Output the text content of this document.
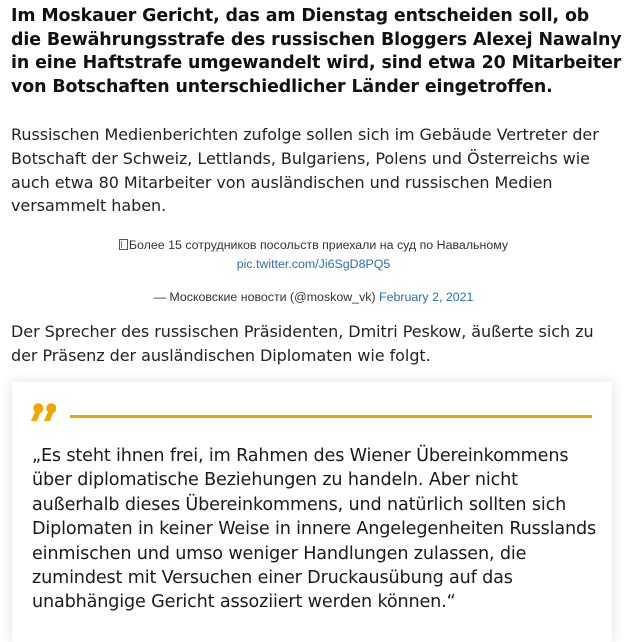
Im Moskauer Gericht, das am Dienstag entscheiden soll, ob die Bewährungsstrafe des russischen Bloggers Alexej Nawalny in eine Haftstrafe umgewandelt wird, sind etwa 20 Mitarbeiter von Botschaften unterschiedlicher Länder eingetroffen.

Russischen Medienberichten zufolge sollen sich im Gebäude Vertreter der Botschaft der Schweiz, Lettlands, Bulgariens, Polens und Österreichs wie auch etwa 80 Mitarbeiter von ausländischen und russischen Medien versammelt haben.

Более 15 сотрудников посольств приехали на суд по Навальному
pic.twitter.com/Ji6SgD8PQ5
— Московские новости (@moskow_vk) February 2, 2021

Der Sprecher des russischen Präsidenten, Dmitri Peskow, äußerte sich zu der Präsenz der ausländischen Diplomaten wie folgt.

„Es steht ihnen frei, im Rahmen des Wiener Übereinkommens über diplomatische Beziehungen zu handeln. Aber nicht außerhalb dieses Übereinkommens, und natürlich sollten sich Diplomaten in keiner Weise in innere Angelegenheiten Russlands einmischen und umso weniger Handlungen zulassen, die zumindest mit Versuchen einer Druckausübung auf das unabhängige Gericht assoziiert werden können.“
